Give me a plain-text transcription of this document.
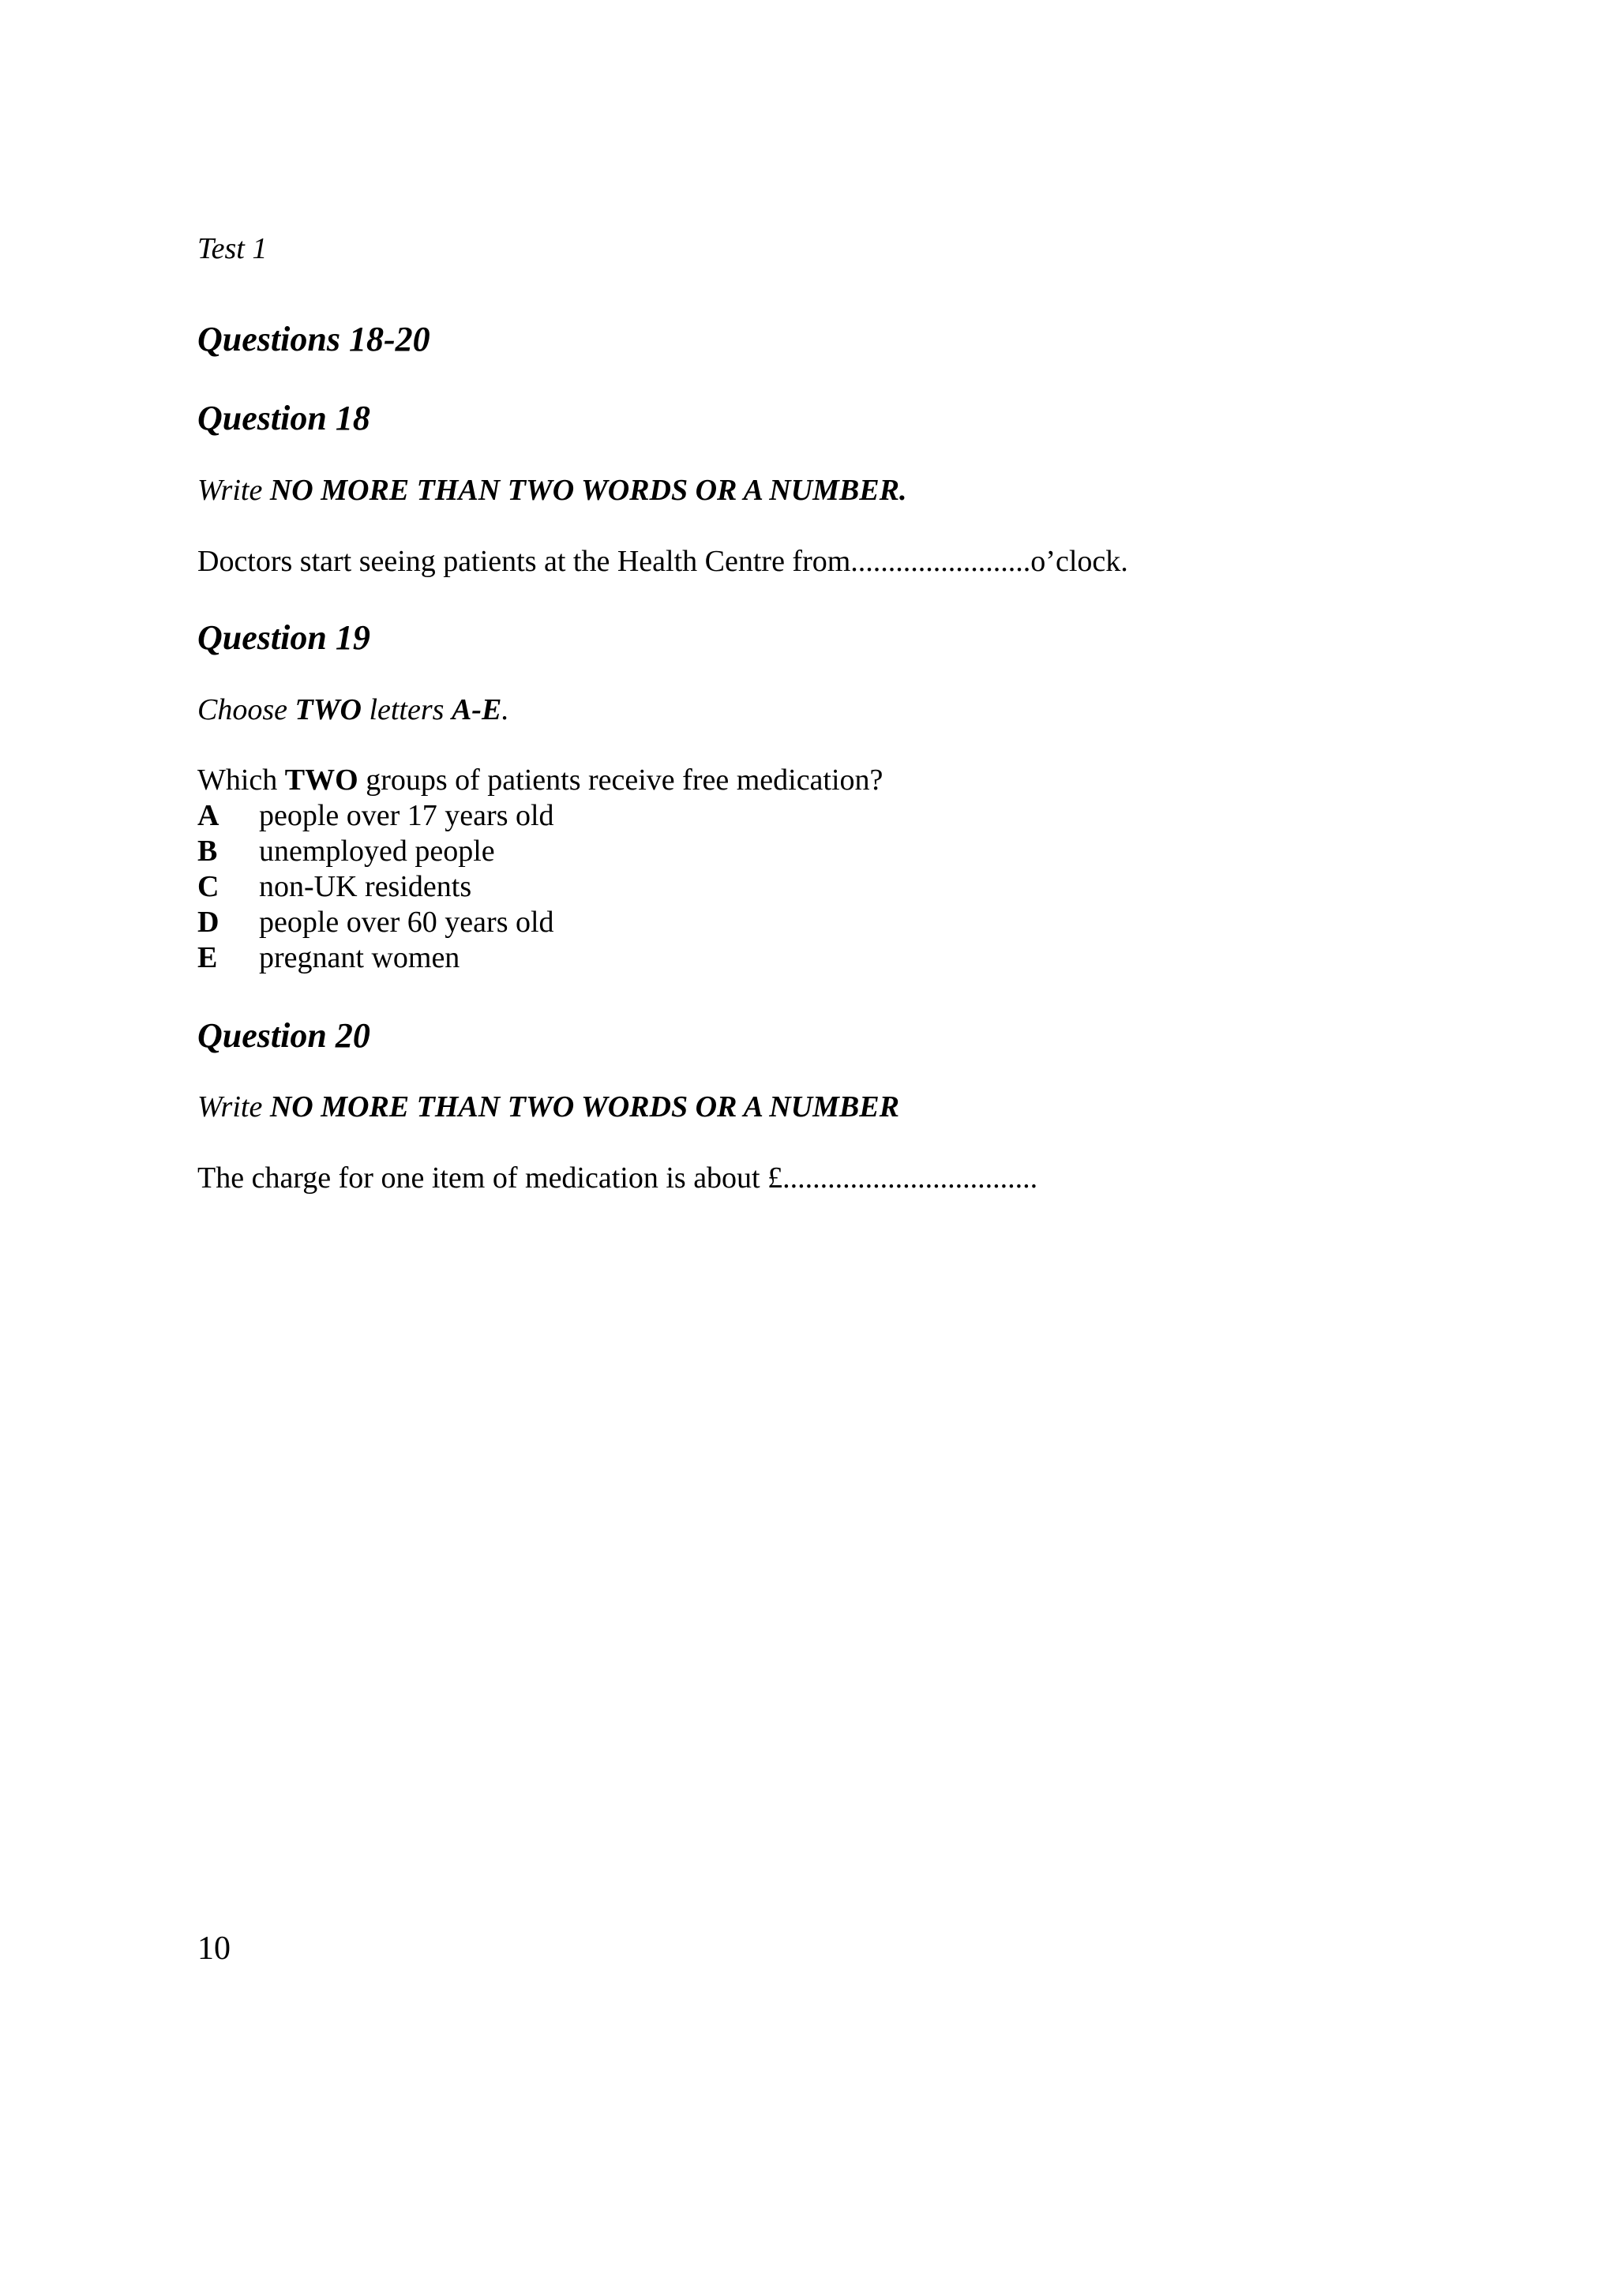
Test 1
Questions 18-20
Question 18
Write NO MORE THAN TWO WORDS OR A NUMBER.
Doctors start seeing patients at the Health Centre from........................o’clock.
Question 19
Choose TWO letters A-E.
Which TWO groups of patients receive free medication?
A people over 17 years old
B unemployed people
C non-UK residents
D people over 60 years old
E pregnant women
Question 20
Write NO MORE THAN TWO WORDS OR A NUMBER
The charge for one item of medication is about £..................................
10
